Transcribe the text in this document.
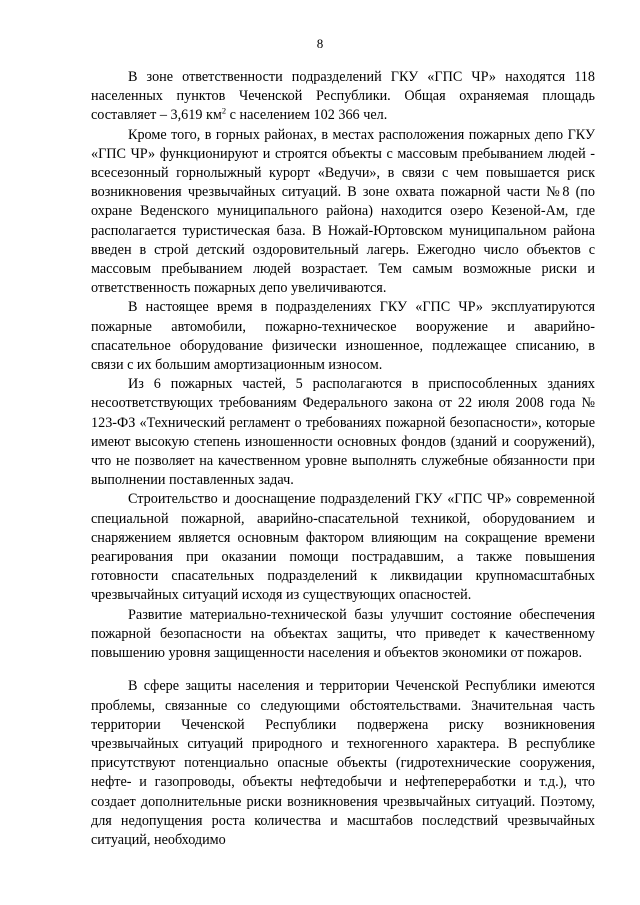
8

В зоне ответственности подразделений ГКУ «ГПС ЧР» находятся 118 населенных пунктов Чеченской Республики. Общая охраняемая площадь составляет – 3,619 $км^2$ с населением 102 366 чел.

Кроме того, в горных районах, в местах расположения пожарных депо ГКУ «ГПС ЧР» функционируют и строятся объекты с массовым пребыванием людей - всесезонный горнолыжный курорт «Ведучи», в связи с чем повышается риск возникновения чрезвычайных ситуаций. В зоне охвата пожарной части №8 (по охране Веденского муниципального района) находится озеро Кезеной-Ам, где располагается туристическая база. В Ножай-Юртовском муниципальном района введен в строй детский оздоровительный лагерь. Ежегодно число объектов с массовым пребыванием людей возрастает. Тем самым возможные риски и ответственность пожарных депо увеличиваются.

В настоящее время в подразделениях ГКУ «ГПС ЧР» эксплуатируются пожарные автомобили, пожарно-техническое вооружение и аварийно-спасательное оборудование физически изношенное, подлежащее списанию, в связи с их большим амортизационным износом.

Из 6 пожарных частей, 5 располагаются в приспособленных зданиях несоответствующих требованиям Федерального закона от 22 июля 2008 года № 123-ФЗ «Технический регламент о требованиях пожарной безопасности», которые имеют высокую степень изношенности основных фондов (зданий и сооружений), что не позволяет на качественном уровне выполнять служебные обязанности при выполнении поставленных задач.

Строительство и дооснащение подразделений ГКУ «ГПС ЧР» современной специальной пожарной, аварийно-спасательной техникой, оборудованием и снаряжением является основным фактором влияющим на сокращение времени реагирования при оказании помощи пострадавшим, а также повышения готовности спасательных подразделений к ликвидации крупномасштабных чрезвычайных ситуаций исходя из существующих опасностей.

Развитие материально-технической базы улучшит состояние обеспечения пожарной безопасности на объектах защиты, что приведет к качественному повышению уровня защищенности населения и объектов экономики от пожаров.

В сфере защиты населения и территории Чеченской Республики имеются проблемы, связанные со следующими обстоятельствами. Значительная часть территории Чеченской Республики подвержена риску возникновения чрезвычайных ситуаций природного и техногенного характера. В республике присутствуют потенциально опасные объекты (гидротехнические сооружения, нефте- и газопроводы, объекты нефтедобычи и нефтепереработки и т.д.), что создает дополнительные риски возникновения чрезвычайных ситуаций. Поэтому, для недопущения роста количества и масштабов последствий чрезвычайных ситуаций, необходимо
